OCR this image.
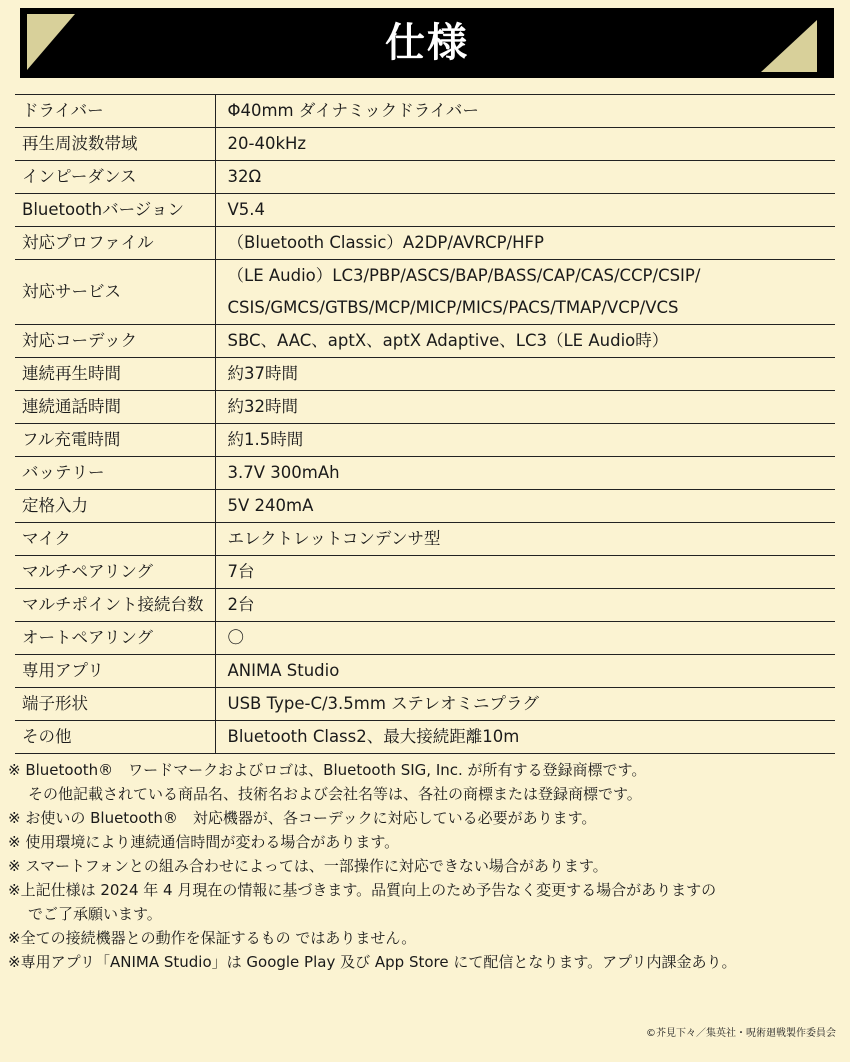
仕様
ドライバー	Φ40mm ダイナミックドライバー

再生周波数帯域	20-40kHz

インピーダンス	32Ω

Bluetoothバージョン	V5.4

対応プロファイル	（Bluetooth Classic）A2DP/AVRCP/HFP

対応サービス	（LE Audio）LC3/PBP/ASCS/BAP/BASS/CAP/CAS/CCP/CSIP/
CSIS/GMCS/GTBS/MCP/MICP/MICS/PACS/TMAP/VCP/VCS

対応コーデック	SBC、AAC、aptX、aptX Adaptive、LC3（LE Audio時）

連続再生時間	約37時間

連続通話時間	約32時間

フル充電時間	約1.5時間

バッテリー	3.7V 300mAh

定格入力	5V 240mA

マイク	エレクトレットコンデンサ型

マルチペアリング	7台

マルチポイント接続台数	2台

オートペアリング	〇

専用アプリ	ANIMA Studio

端子形状	USB Type-C/3.5mm ステレオミニプラグ

その他	Bluetooth Class2、最大接続距離10m
※ Bluetooth®　ワードマークおよびロゴは、Bluetooth SIG, Inc. が所有する登録商標です。
その他記載されている商品名、技術名および会社名等は、各社の商標または登録商標です。
※ お使いの Bluetooth®　対応機器が、各コーデックに対応している必要があります。
※ 使用環境により連続通信時間が変わる場合があります。
※ スマートフォンとの組み合わせによっては、一部操作に対応できない場合があります。
※上記仕様は 2024 年 4 月現在の情報に基づきます。品質向上のため予告なく変更する場合がありますの
でご了承願います。
※全ての接続機器との動作を保証するもの ではありません。
※専用アプリ「ANIMA Studio」は Google Play 及び App Store にて配信となります。アプリ内課金あり。
©芥見下々／集英社・呪術廻戦製作委員会
